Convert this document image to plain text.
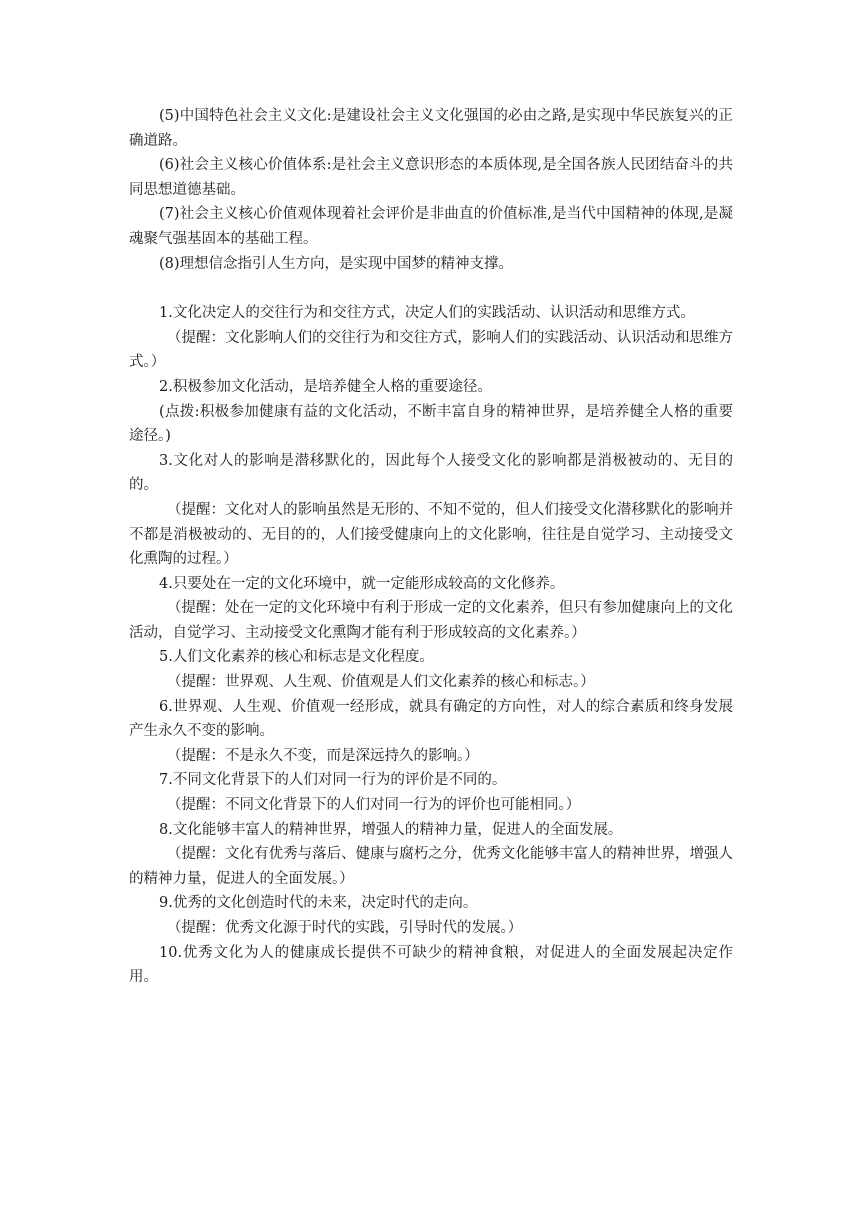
(5)中国特色社会主义文化:是建设社会主义文化强国的必由之路,是实现中华民族复兴的正确道路。

(6)社会主义核心价值体系:是社会主义意识形态的本质体现,是全国各族人民团结奋斗的共同思想道德基础。

(7)社会主义核心价值观体现着社会评价是非曲直的价值标准,是当代中国精神的体现,是凝魂聚气强基固本的基础工程。

(8)理想信念指引人生方向，是实现中国梦的精神支撑。

1.文化决定人的交往行为和交往方式，决定人们的实践活动、认识活动和思维方式。

（提醒：文化影响人们的交往行为和交往方式，影响人们的实践活动、认识活动和思维方式。）

2.积极参加文化活动，是培养健全人格的重要途径。

(点拨:积极参加健康有益的文化活动，不断丰富自身的精神世界，是培养健全人格的重要途径。)

3.文化对人的影响是潜移默化的，因此每个人接受文化的影响都是消极被动的、无目的的。

（提醒：文化对人的影响虽然是无形的、不知不觉的，但人们接受文化潜移默化的影响并不都是消极被动的、无目的的，人们接受健康向上的文化影响，往往是自觉学习、主动接受文化熏陶的过程。）

4.只要处在一定的文化环境中，就一定能形成较高的文化修养。

（提醒：处在一定的文化环境中有利于形成一定的文化素养，但只有参加健康向上的文化活动，自觉学习、主动接受文化熏陶才能有利于形成较高的文化素养。）

5.人们文化素养的核心和标志是文化程度。

（提醒：世界观、人生观、价值观是人们文化素养的核心和标志。）

6.世界观、人生观、价值观一经形成，就具有确定的方向性，对人的综合素质和终身发展产生永久不变的影响。

（提醒：不是永久不变，而是深远持久的影响。）

7.不同文化背景下的人们对同一行为的评价是不同的。

（提醒：不同文化背景下的人们对同一行为的评价也可能相同。）

8.文化能够丰富人的精神世界，增强人的精神力量，促进人的全面发展。

（提醒：文化有优秀与落后、健康与腐朽之分，优秀文化能够丰富人的精神世界，增强人的精神力量，促进人的全面发展。）

9.优秀的文化创造时代的未来，决定时代的走向。

（提醒：优秀文化源于时代的实践，引导时代的发展。）

10.优秀文化为人的健康成长提供不可缺少的精神食粮，对促进人的全面发展起决定作用。
